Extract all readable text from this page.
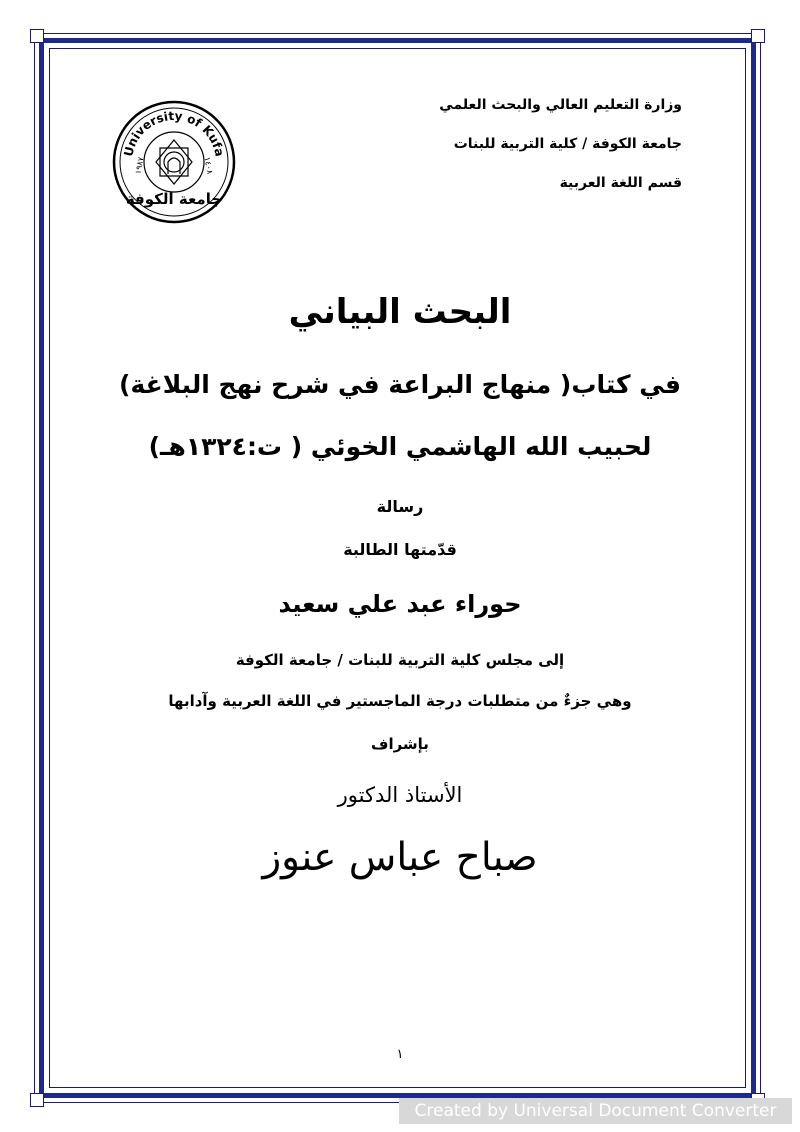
وزارة التعليم العالي والبحث العلمي
جامعة الكوفة / كلية التربية للبنات
قسم اللغة العربية
University of Kufa
١٩٨٧	١٤٠٨
جامعة الكوفة
البحث البياني
في كتاب( منهاج البراعة في شرح نهج البلاغة)
لحبيب الله الهاشمي الخوئي ( ت:١٣٢٤هـ)
رسالة
قدّمتها الطالبة
حوراء عبد علي سعيد
إلى مجلس كلية التربية للبنات / جامعة الكوفة
وهي جزءٌ من متطلبات درجة الماجستير في اللغة العربية وآدابها
بإشراف
الأستاذ الدكتور
صباح عباس عنوز
١
Created by Universal Document Converter
